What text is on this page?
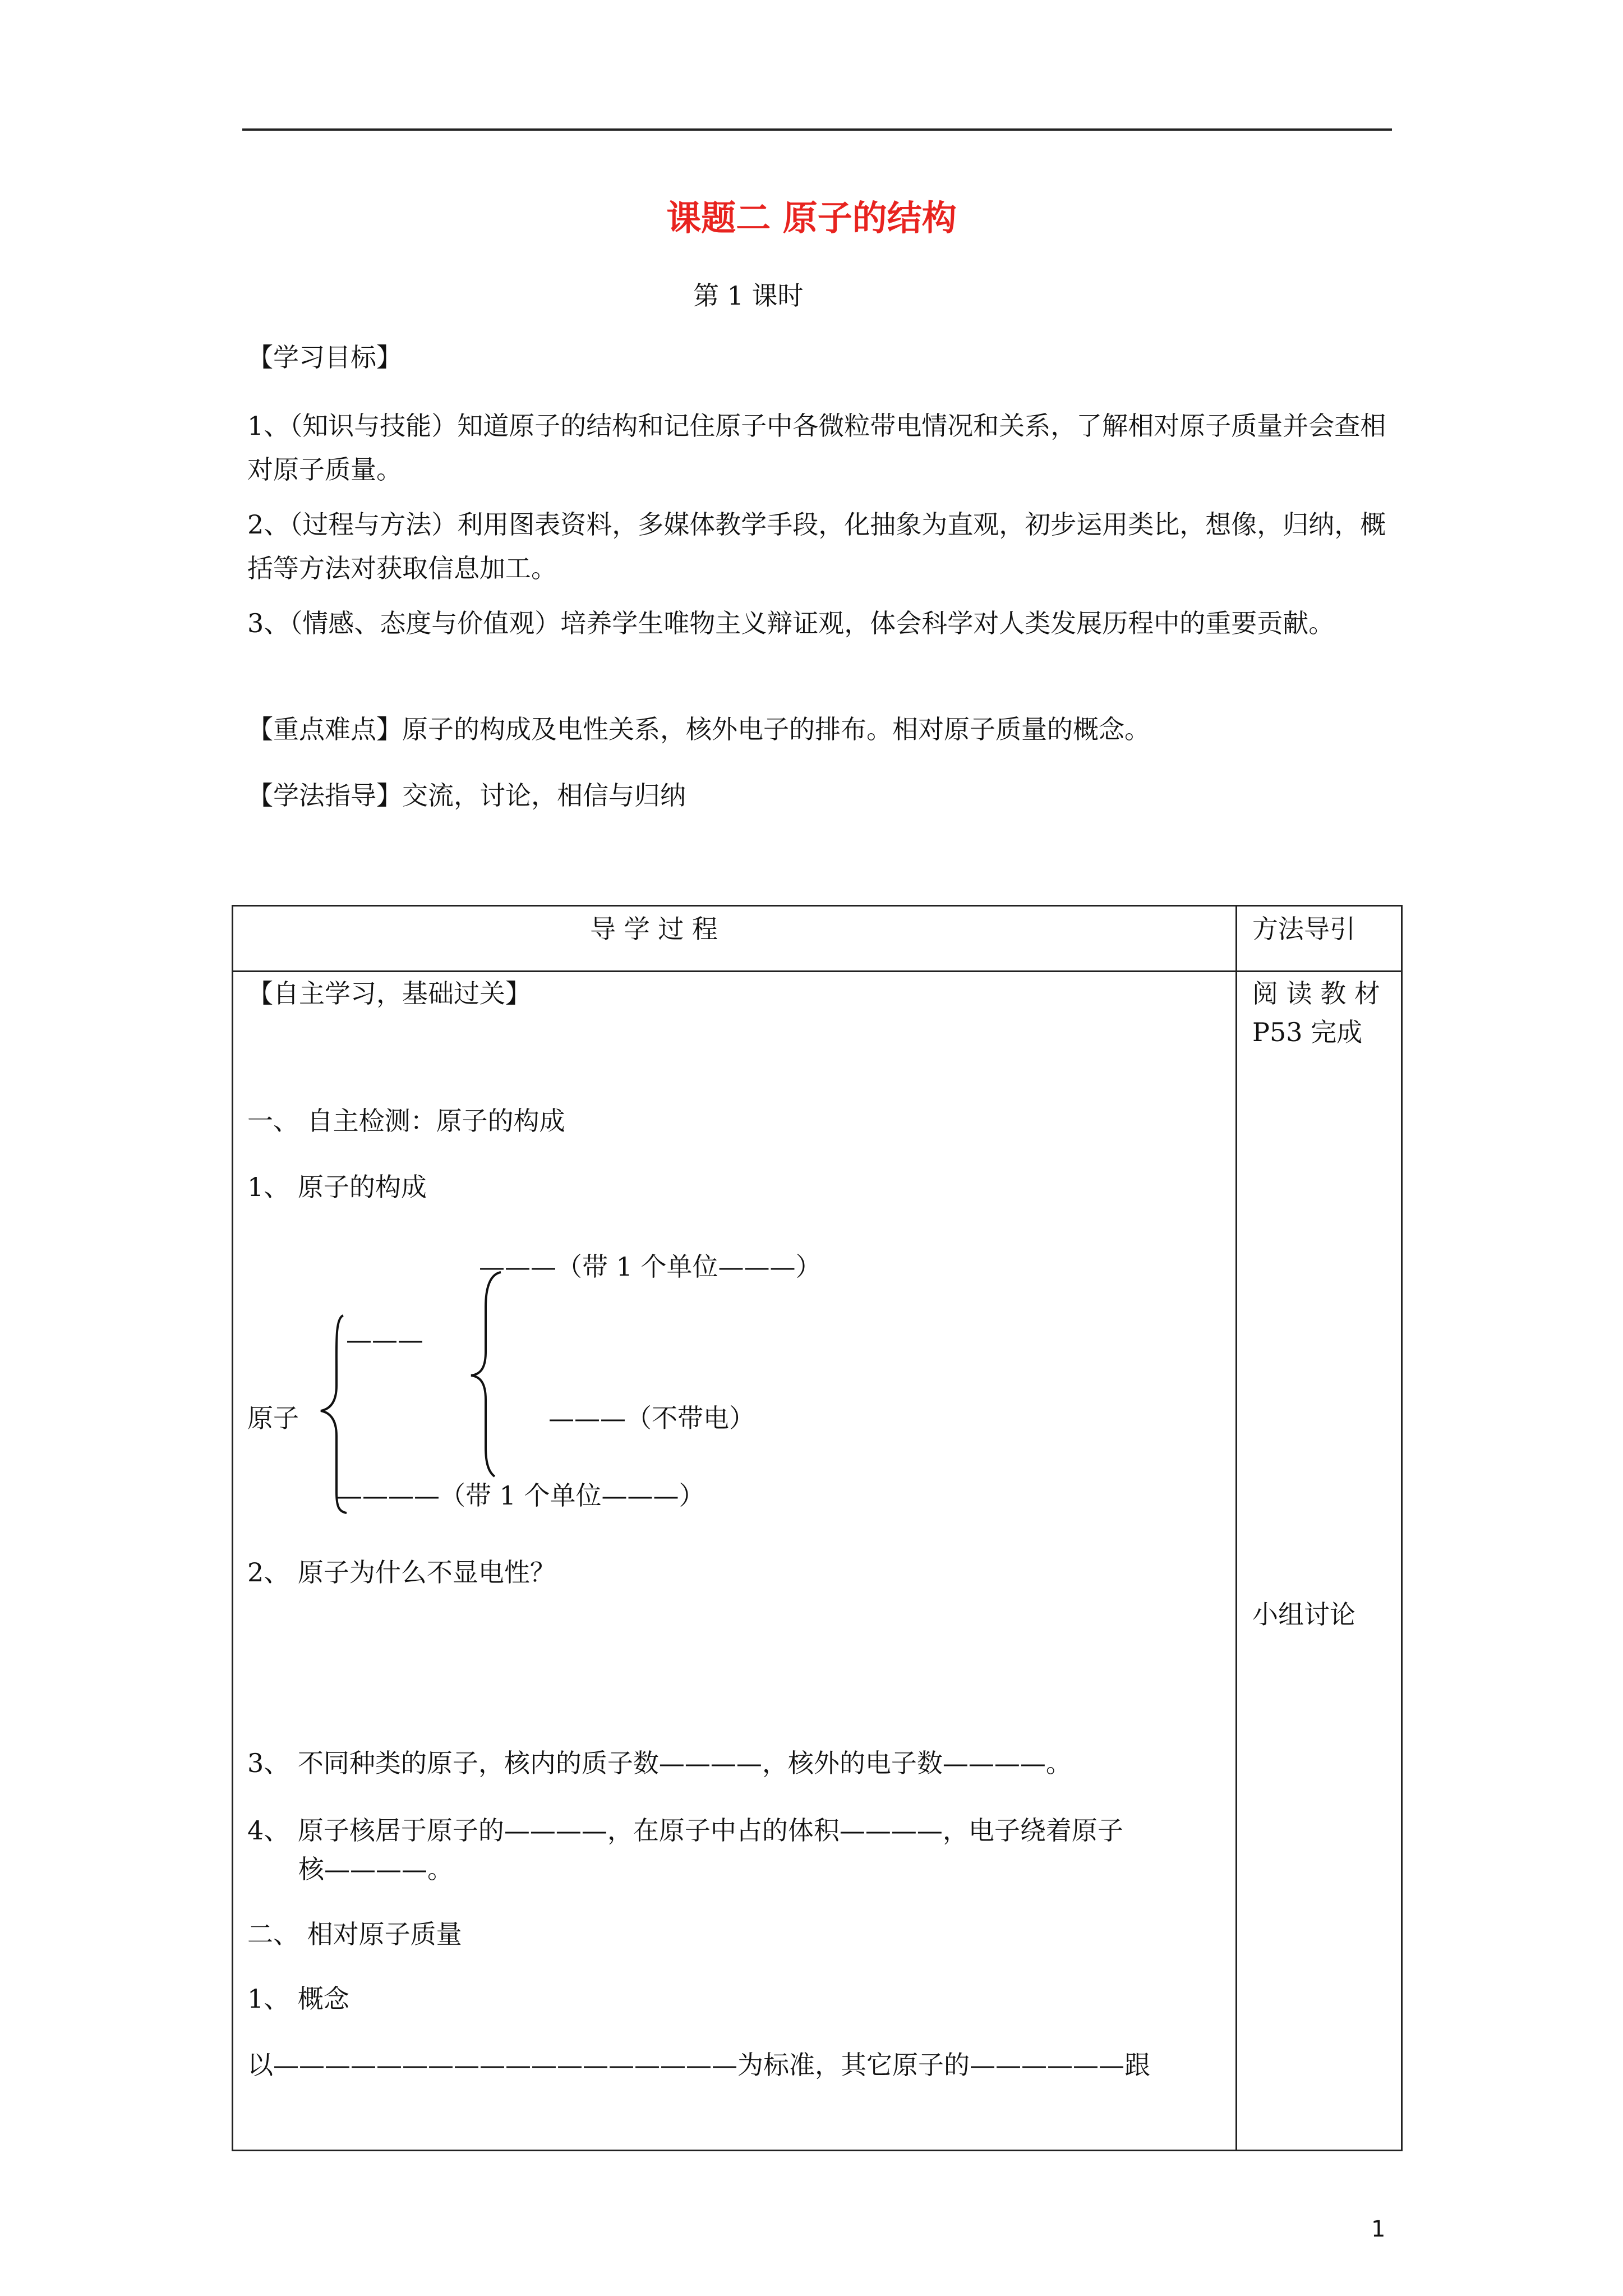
课题二 原子的结构
第 1 课时
【学习目标】
1、（知识与技能）知道原子的结构和记住原子中各微粒带电情况和关系，了解相对原子质量并会查相对原子质量。
2、（过程与方法）利用图表资料，多媒体教学手段，化抽象为直观，初步运用类比，想像，归纳，概括等方法对获取信息加工。
3、（情感、态度与价值观）培养学生唯物主义辩证观，体会科学对人类发展历程中的重要贡献。
【重点难点】原子的构成及电性关系，核外电子的排布。相对原子质量的概念。
【学法指导】交流，讨论，相信与归纳
导 学 过 程	方法导引
【自主学习，基础过关】
一、 自主检测：原子的构成
1、 原子的构成
———（带 1 个单位———）
———
原子	———（不带电）
————（带 1 个单位———）
2、 原子为什么不显电性？
3、 不同种类的原子，核内的质子数————，核外的电子数————。
4、 原子核居于原子的————，在原子中占的体积————，电子绕着原子
核————。
二、 相对原子质量
1、 概念
以——————————————————为标准，其它原子的——————跟
阅 读 教 材
P53 完成
小组讨论
1
